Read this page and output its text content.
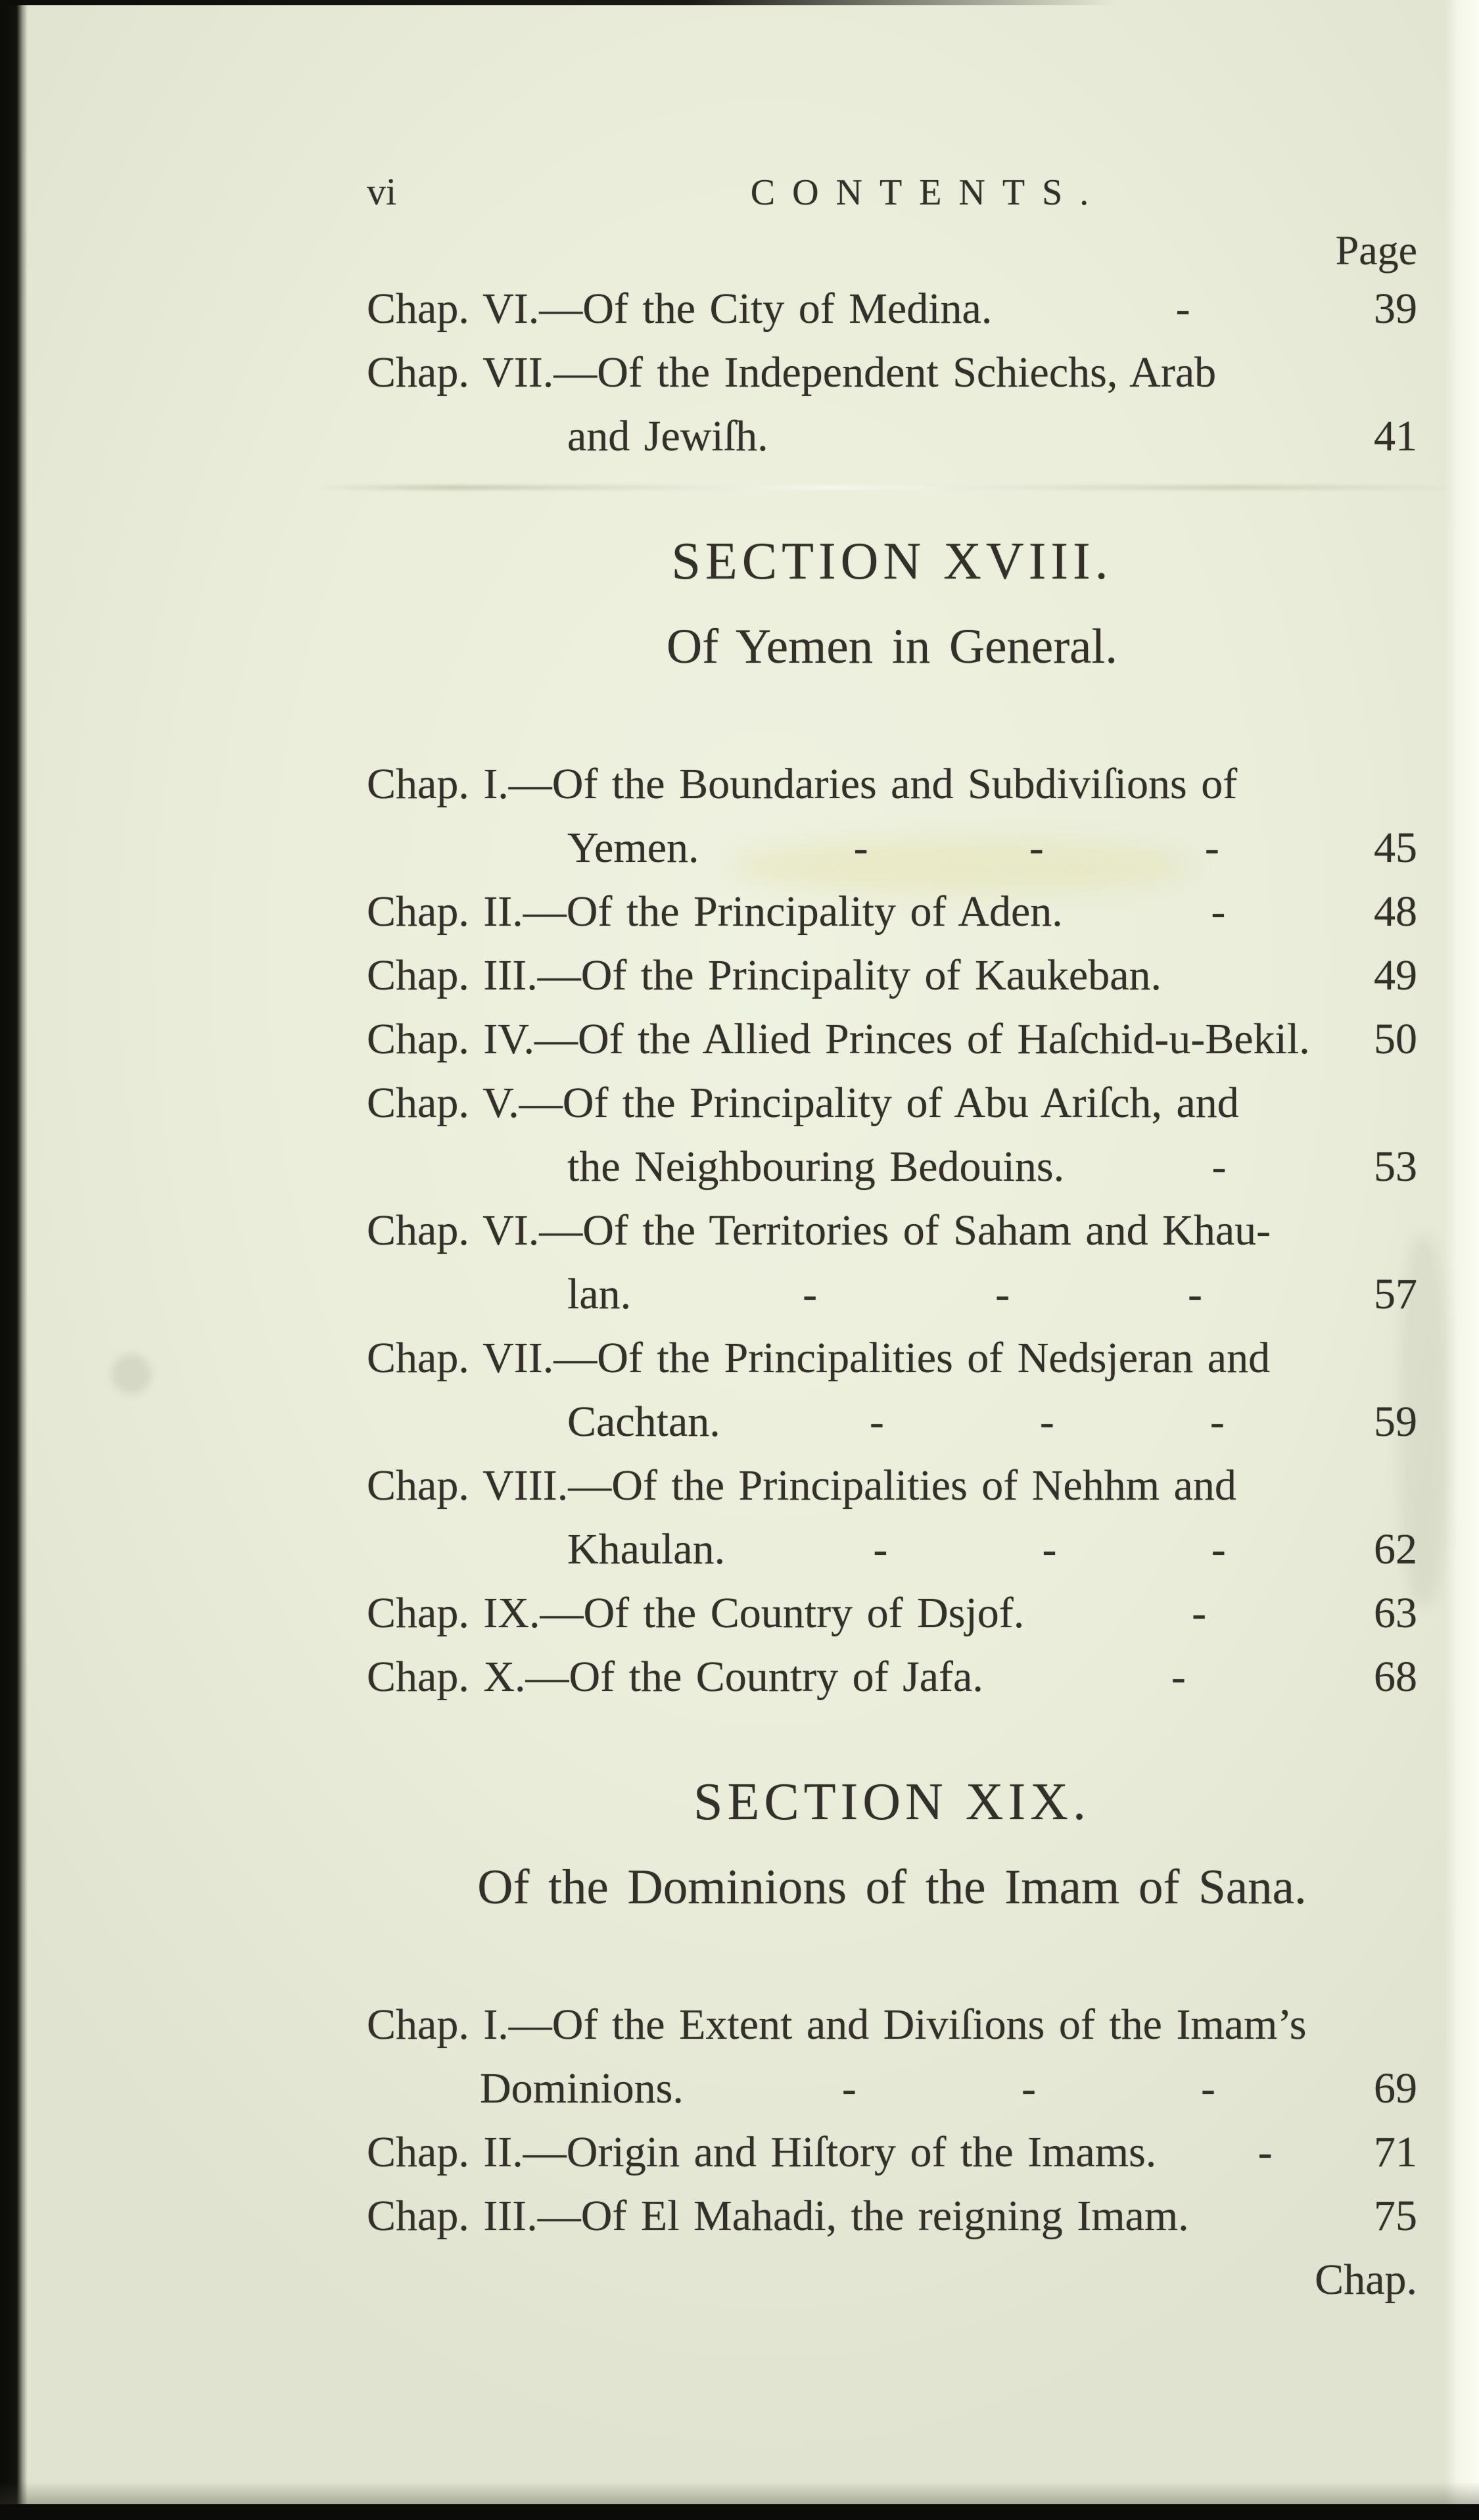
vi	CONTENTS.
Page
Chap. VI.—Of the City of Medina.	-	39
Chap. VII.—Of the Independent Schiechs, Arab
and Jewiſh.	41
SECTION XVIII.
Of Yemen in General.
Chap. I.—Of the Boundaries and Subdiviſions of
Yemen.	-	-	-	45
Chap. II.—Of the Principality of Aden.	-	48
Chap. III.—Of the Principality of Kaukeban.	49
Chap. IV.—Of the Allied Princes of Haſchid-u-Bekil. 50
Chap. V.—Of the Principality of Abu Ariſch, and
the Neighbouring Bedouins.	-	53
Chap. VI.—Of the Territories of Saham and Khau-
lan.	-	-	-	57
Chap. VII.—Of the Principalities of Nedsjeran and
Cachtan.	-	-	-	59
Chap. VIII.—Of the Principalities of Nehhm and
Khaulan.	-	-	-	62
Chap. IX.—Of the Country of Dsjof.	-	63
Chap. X.—Of the Country of Jafa.	-	68
SECTION XIX.
Of the Dominions of the Imam of Sana.
Chap. I.—Of the Extent and Diviſions of the Imam’s
Dominions.	-	-	-	69
Chap. II.—Origin and Hiſtory of the Imams. - 71
Chap. III.—Of El Mahadi, the reigning Imam.	75
Chap.
